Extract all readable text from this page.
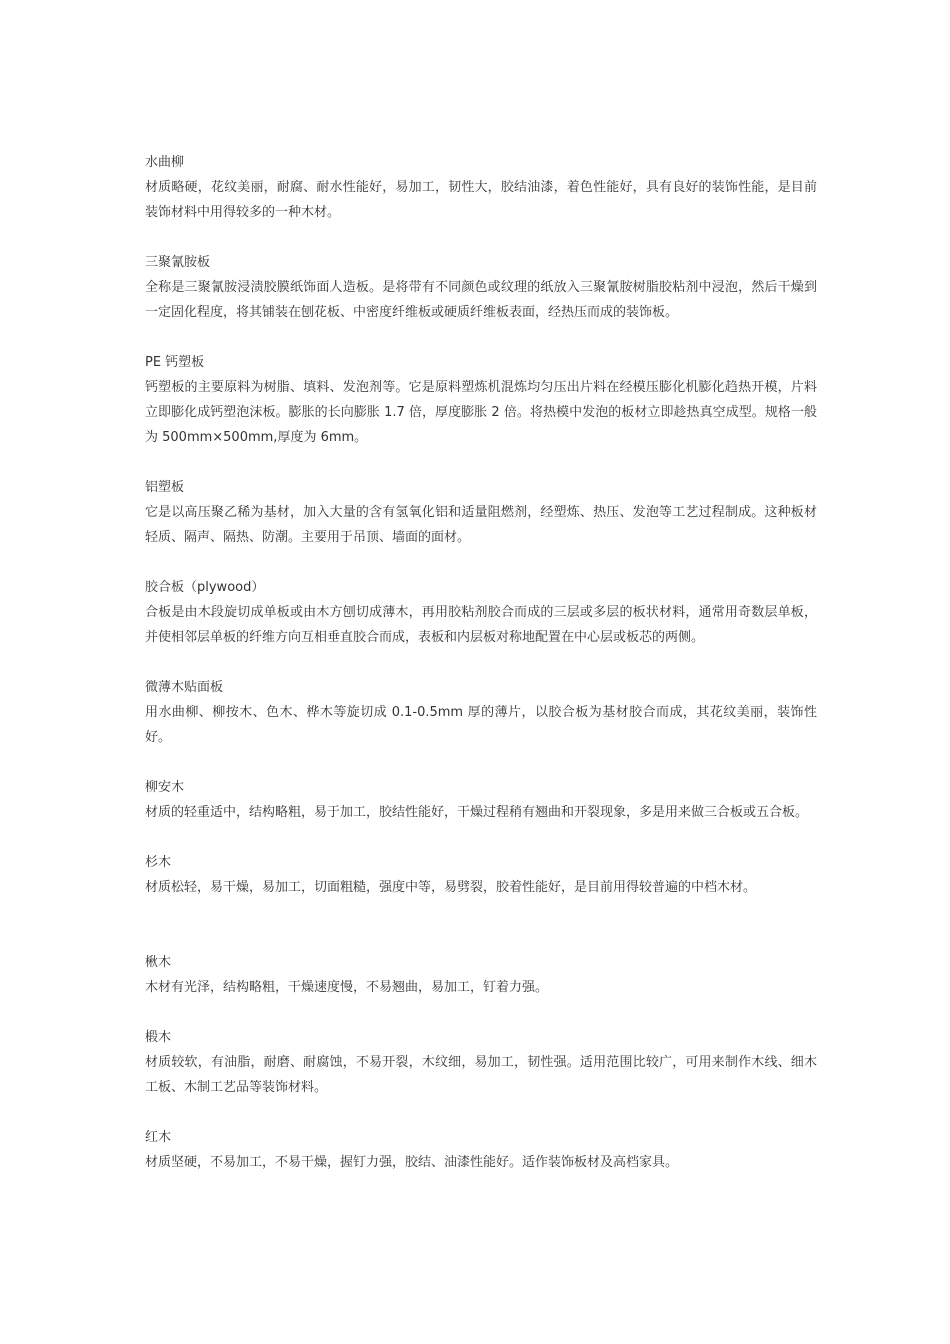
水曲柳

材质略硬，花纹美丽，耐腐、耐水性能好，易加工，韧性大，胶结油漆，着色性能好，具有良好的装饰性能，是目前装饰材料中用得较多的一种木材。

三聚氰胺板

全称是三聚氰胺浸渍胶膜纸饰面人造板。是将带有不同颜色或纹理的纸放入三聚氰胺树脂胶粘剂中浸泡，然后干燥到一定固化程度，将其铺装在刨花板、中密度纤维板或硬质纤维板表面，经热压而成的装饰板。

PE 钙塑板

钙塑板的主要原料为树脂、填料、发泡剂等。它是原料塑炼机混炼均匀压出片料在经模压膨化机膨化趋热开模，片料立即膨化成钙塑泡沫板。膨胀的长向膨胀 1.7 倍，厚度膨胀 2 倍。将热模中发泡的板材立即趁热真空成型。规格一般为 500mm×500mm,厚度为 6mm。

铝塑板

它是以高压聚乙稀为基材，加入大量的含有氢氧化铝和适量阻燃剂，经塑炼、热压、发泡等工艺过程制成。这种板材轻质、隔声、隔热、防潮。主要用于吊顶、墙面的面材。

胶合板（plywood）

合板是由木段旋切成单板或由木方刨切成薄木，再用胶粘剂胶合而成的三层或多层的板状材料，通常用奇数层单板，并使相邻层单板的纤维方向互相垂直胶合而成，表板和内层板对称地配置在中心层或板芯的两侧。

微薄木贴面板

用水曲柳、柳按木、色木、桦木等旋切成 0.1-0.5mm 厚的薄片，以胶合板为基材胶合而成，其花纹美丽，装饰性好。

柳安木

材质的轻重适中，结构略粗，易于加工，胶结性能好，干燥过程稍有翘曲和开裂现象，多是用来做三合板或五合板。

杉木

材质松轻，易干燥，易加工，切面粗糙，强度中等，易劈裂，胶着性能好，是目前用得较普遍的中档木材。

楸木

木材有光泽，结构略粗，干燥速度慢，不易翘曲，易加工，钉着力强。

椴木

材质较软，有油脂，耐磨、耐腐蚀，不易开裂，木纹细，易加工，韧性强。适用范围比较广，可用来制作木线、细木工板、木制工艺品等装饰材料。

红木

材质坚硬，不易加工，不易干燥，握钉力强，胶结、油漆性能好。适作装饰板材及高档家具。
